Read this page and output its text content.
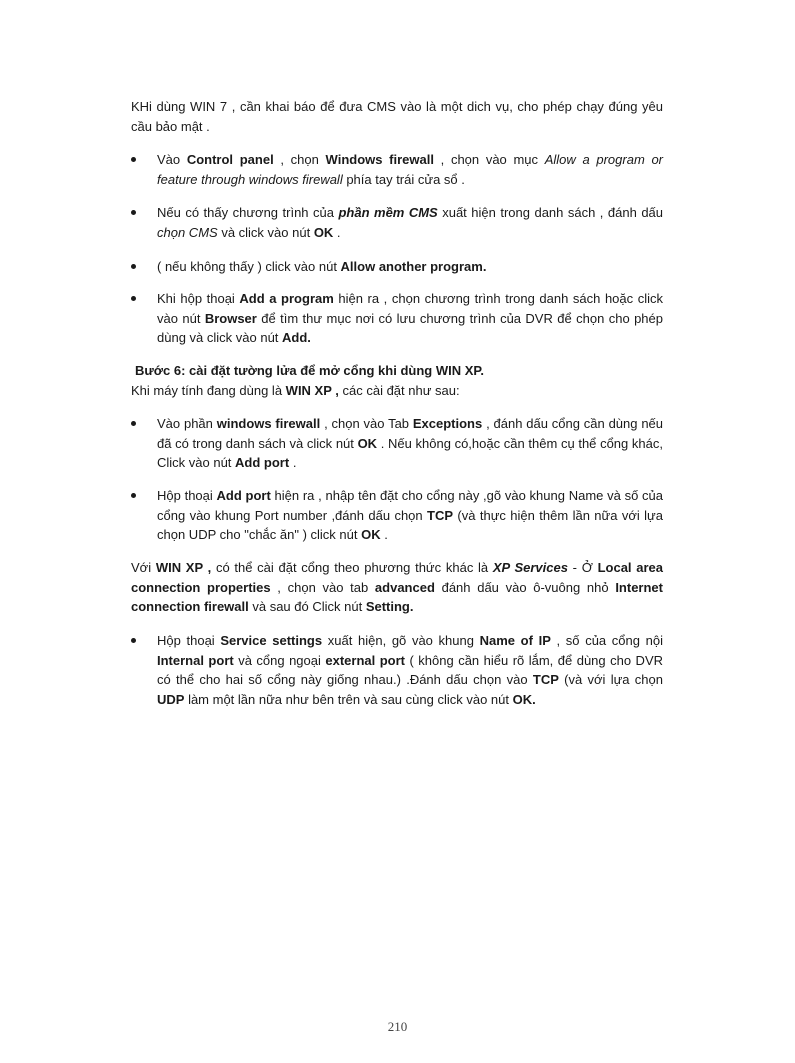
KHi dùng WIN 7 , cần khai báo để đưa CMS vào là một dich vụ, cho phép chạy đúng yêu cầu bảo mật .

Vào Control panel , chọn Windows firewall , chọn vào mục Allow a program or feature through windows firewall phía tay trái cửa sổ .
Nếu có thấy chương trình của phần mềm CMS xuất hiện trong danh sách , đánh dấu chọn CMS và click vào nút OK .
( nếu không thấy ) click vào nút Allow another program.
Khi hộp thoại Add a program hiện ra , chọn chương trình trong danh sách hoặc click vào nút Browser để tìm thư mục nơi có lưu chương trình của DVR để chọn cho phép dùng và click vào nút Add.

Bước 6: cài đặt tường lửa để mở cổng khi dùng WIN XP.

Khi máy tính đang dùng là WIN XP , các cài đặt như sau:

Vào phần windows firewall , chọn vào Tab Exceptions , đánh dấu cổng cần dùng nếu đã có trong danh sách và click nút OK . Nếu không có,hoặc cần thêm cụ thể cổng khác, Click vào nút Add port .
Hộp thoại Add port hiện ra , nhập tên đặt cho cổng này ,gõ vào khung Name và số của cổng vào khung Port number ,đánh dấu chọn TCP (và thực hiện thêm lần nữa với lựa chọn UDP cho "chắc ăn" ) click nút OK .

Với WIN XP , có thể cài đặt cổng theo phương thức khác là XP Services - Ở Local area connection properties , chọn vào tab advanced đánh dấu vào ô-vuông nhỏ Internet connection firewall và sau đó Click nút Setting.

Hộp thoại Service settings xuất hiện, gõ vào khung Name of IP , số của cổng nội Internal port và cổng ngoại external port ( không cần hiểu rõ lắm, để dùng cho DVR có thể cho hai số cổng này giống nhau.) .Đánh dấu chọn vào TCP (và với lựa chọn UDP làm một lần nữa như bên trên và sau cùng click vào nút OK.
210
